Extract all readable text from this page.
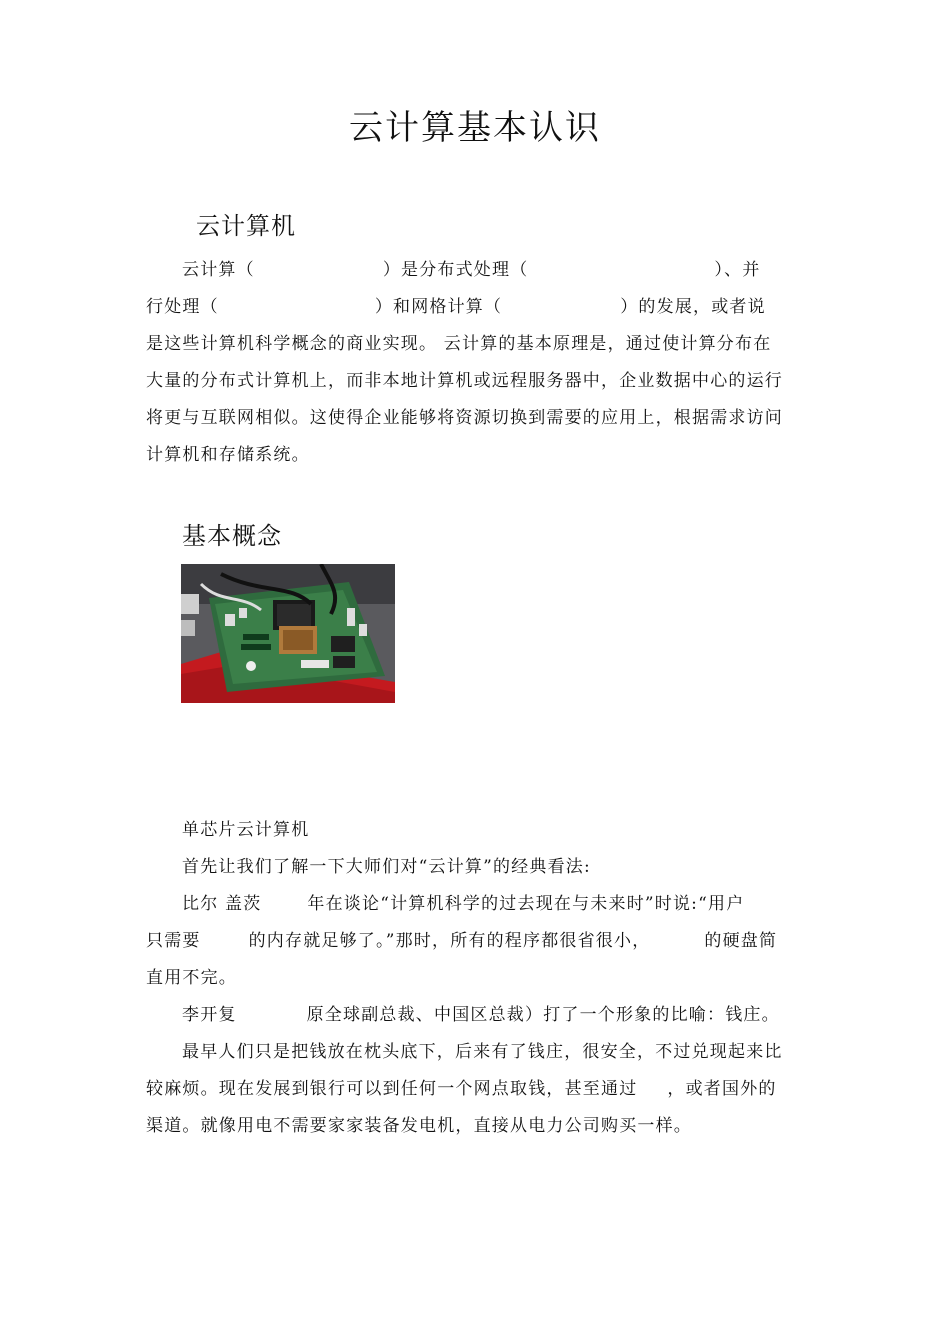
云计算基本认识
云计算机
云计算（	）是分布式处理（	）、并
行处理（	）和网格计算（	）的发展，或者说
是这些计算机科学概念的商业实现。 云计算的基本原理是，通过使计算分布在
大量的分布式计算机上，而非本地计算机或远程服务器中，企业数据中心的运行
将更与互联网相似。这使得企业能够将资源切换到需要的应用上，根据需求访问
计算机和存储系统。
基本概念
单芯片云计算机
首先让我们了解一下大师们对“云计算”的经典看法:
比尔 盖茨	年在谈论“计算机科学的过去现在与未来时”时说:“用户
只需要	的内存就足够了。”那时，所有的程序都很省很小，	的硬盘简
直用不完。
李开复	原全球副总裁、中国区总裁）打了一个形象的比喻：钱庄。
最早人们只是把钱放在枕头底下，后来有了钱庄，很安全，不过兑现起来比
较麻烦。现在发展到银行可以到任何一个网点取钱，甚至通过 ，或者国外的
渠道。就像用电不需要家家装备发电机，直接从电力公司购买一样。
